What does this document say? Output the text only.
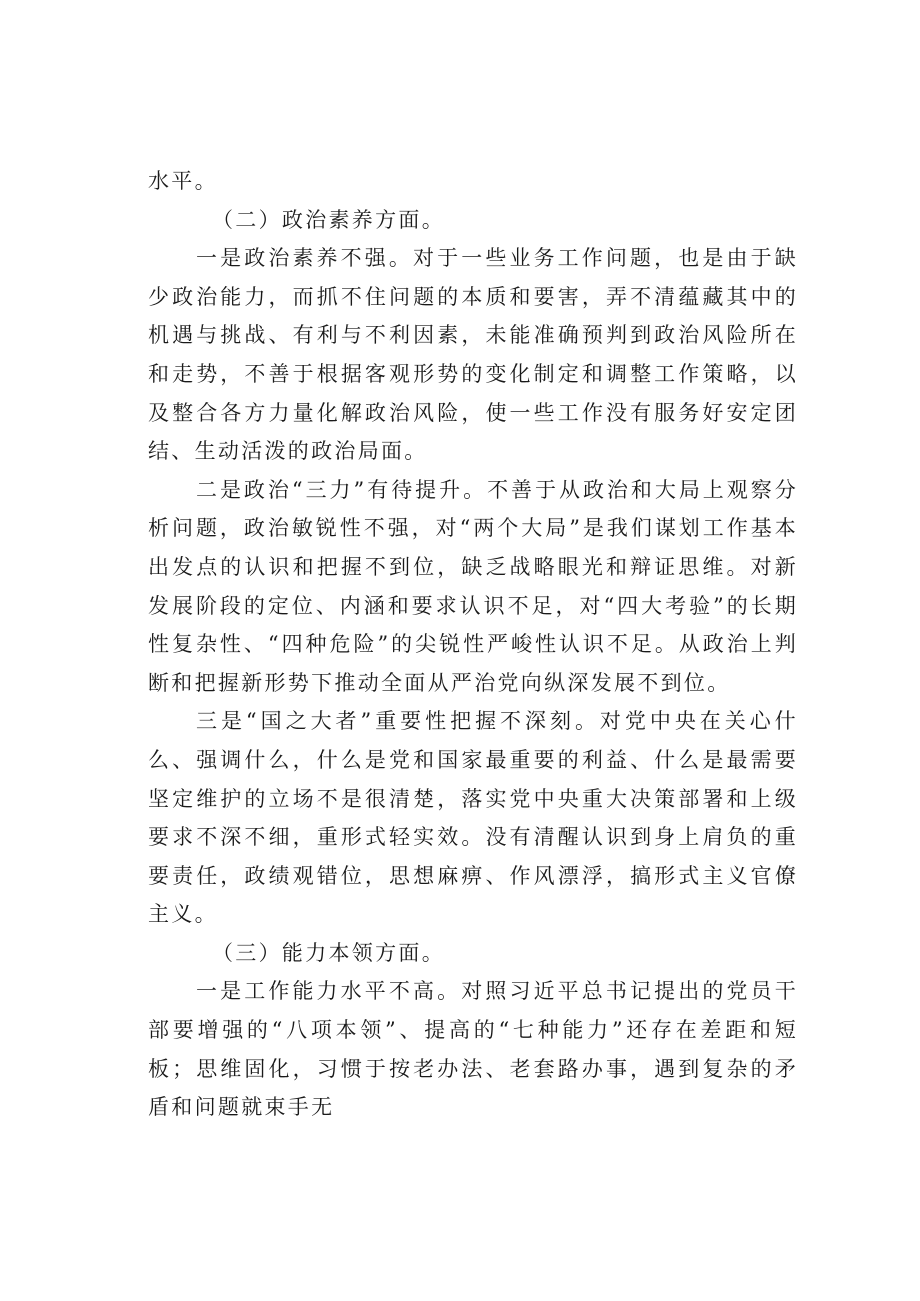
水平。

（二）政治素养方面。

一是政治素养不强。对于一些业务工作问题，也是由于缺少政治能力，而抓不住问题的本质和要害，弄不清蕴藏其中的机遇与挑战、有利与不利因素，未能准确预判到政治风险所在和走势，不善于根据客观形势的变化制定和调整工作策略，以及整合各方力量化解政治风险，使一些工作没有服务好安定团结、生动活泼的政治局面。

二是政治“三力”有待提升。不善于从政治和大局上观察分析问题，政治敏锐性不强，对“两个大局”是我们谋划工作基本出发点的认识和把握不到位，缺乏战略眼光和辩证思维。对新发展阶段的定位、内涵和要求认识不足，对“四大考验”的长期性复杂性、“四种危险”的尖锐性严峻性认识不足。从政治上判断和把握新形势下推动全面从严治党向纵深发展不到位。

三是“国之大者”重要性把握不深刻。对党中央在关心什么、强调什么，什么是党和国家最重要的利益、什么是最需要坚定维护的立场不是很清楚，落实党中央重大决策部署和上级要求不深不细，重形式轻实效。没有清醒认识到身上肩负的重要责任，政绩观错位，思想麻痹、作风漂浮，搞形式主义官僚主义。

（三）能力本领方面。

一是工作能力水平不高。对照习近平总书记提出的党员干部要增强的“八项本领”、提高的“七种能力”还存在差距和短板；思维固化，习惯于按老办法、老套路办事，遇到复杂的矛盾和问题就束手无
